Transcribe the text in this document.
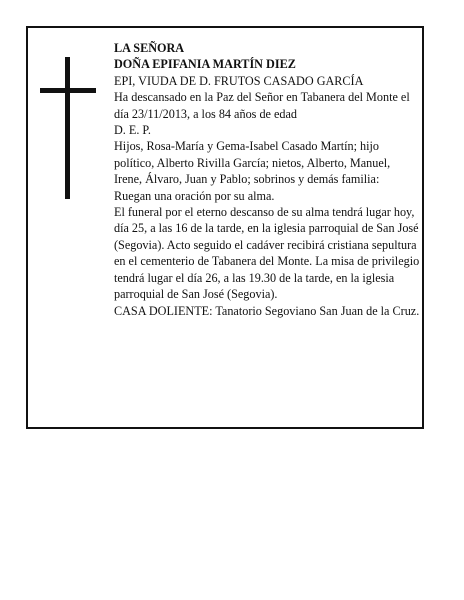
LA SEÑORA
DOÑA EPIFANIA MARTÍN DIEZ
EPI, VIUDA DE D. FRUTOS CASADO GARCÍA
Ha descansado en la Paz del Señor en Tabanera del Monte el día 23/11/2013, a los 84 años de edad
D. E. P.
Hijos, Rosa-María y Gema-Isabel Casado Martín; hijo político, Alberto Rivilla García; nietos, Alberto, Manuel, Irene, Álvaro, Juan y Pablo; sobrinos y demás familia:
Ruegan una oración por su alma.
El funeral por el eterno descanso de su alma tendrá lugar hoy, día 25, a las 16 de la tarde, en la iglesia parroquial de San José (Segovia). Acto seguido el cadáver recibirá cristiana sepultura en el cementerio de Tabanera del Monte. La misa de privilegio tendrá lugar el día 26, a las 19.30 de la tarde, en la iglesia parroquial de San José (Segovia).
CASA DOLIENTE: Tanatorio Segoviano San Juan de la Cruz.
